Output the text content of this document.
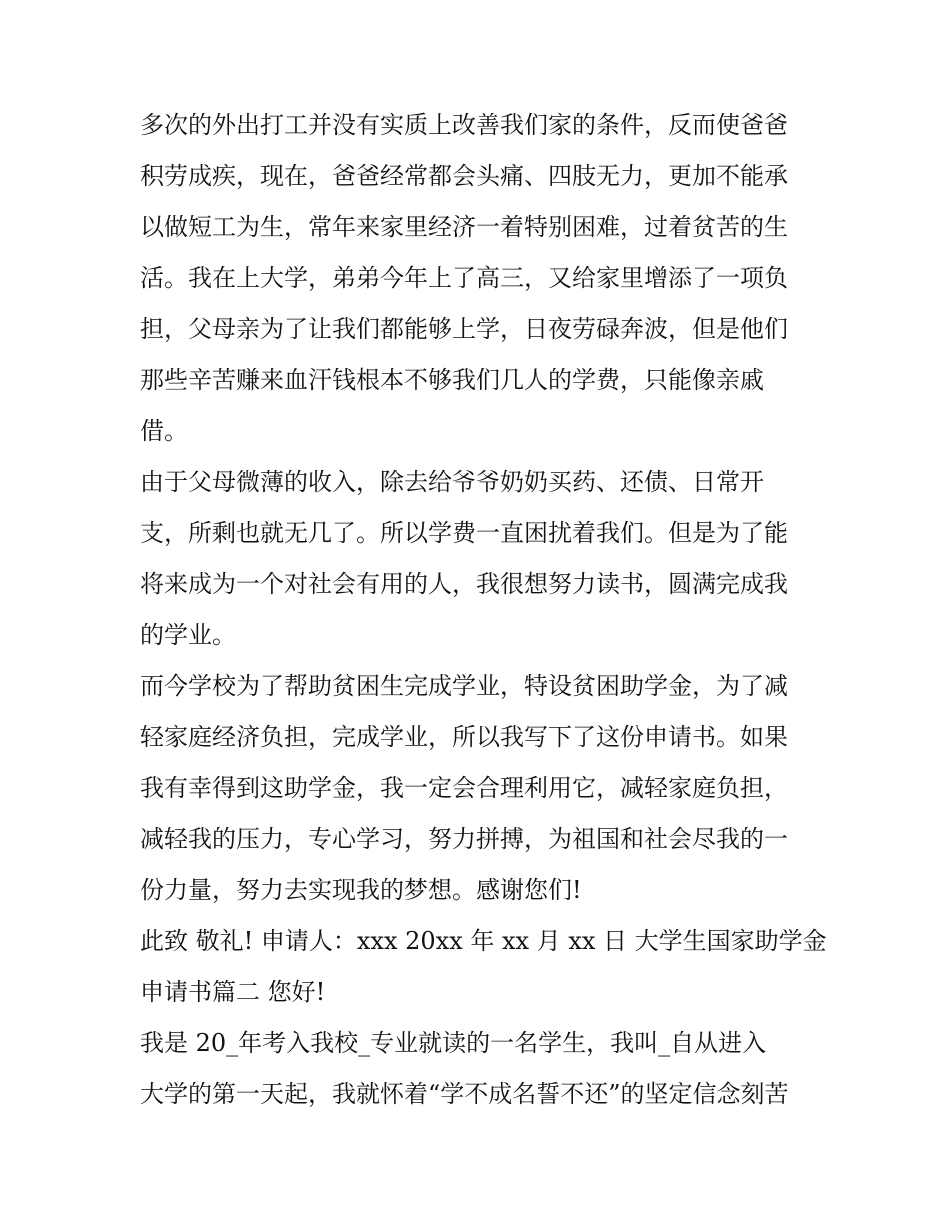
多次的外出打工并没有实质上改善我们家的条件，反而使爸爸
积劳成疾，现在，爸爸经常都会头痛、四肢无力，更加不能承
以做短工为生，常年来家里经济一着特别困难，过着贫苦的生
活。我在上大学，弟弟今年上了高三，又给家里增添了一项负
担，父母亲为了让我们都能够上学，日夜劳碌奔波，但是他们
那些辛苦赚来血汗钱根本不够我们几人的学费，只能像亲戚
借。
由于父母微薄的收入，除去给爷爷奶奶买药、还债、日常开
支，所剩也就无几了。所以学费一直困扰着我们。但是为了能
将来成为一个对社会有用的人，我很想努力读书，圆满完成我
的学业。
而今学校为了帮助贫困生完成学业，特设贫困助学金，为了减
轻家庭经济负担，完成学业，所以我写下了这份申请书。如果
我有幸得到这助学金，我一定会合理利用它，减轻家庭负担，
减轻我的压力，专心学习，努力拼搏，为祖国和社会尽我的一
份力量，努力去实现我的梦想。感谢您们!
此致 敬礼! 申请人：xxx 20xx 年 xx 月 xx 日 大学生国家助学金
申请书篇二 您好!
我是 20_年考入我校_专业就读的一名学生，我叫_自从进入
大学的第一天起，我就怀着“学不成名誓不还”的坚定信念刻苦
